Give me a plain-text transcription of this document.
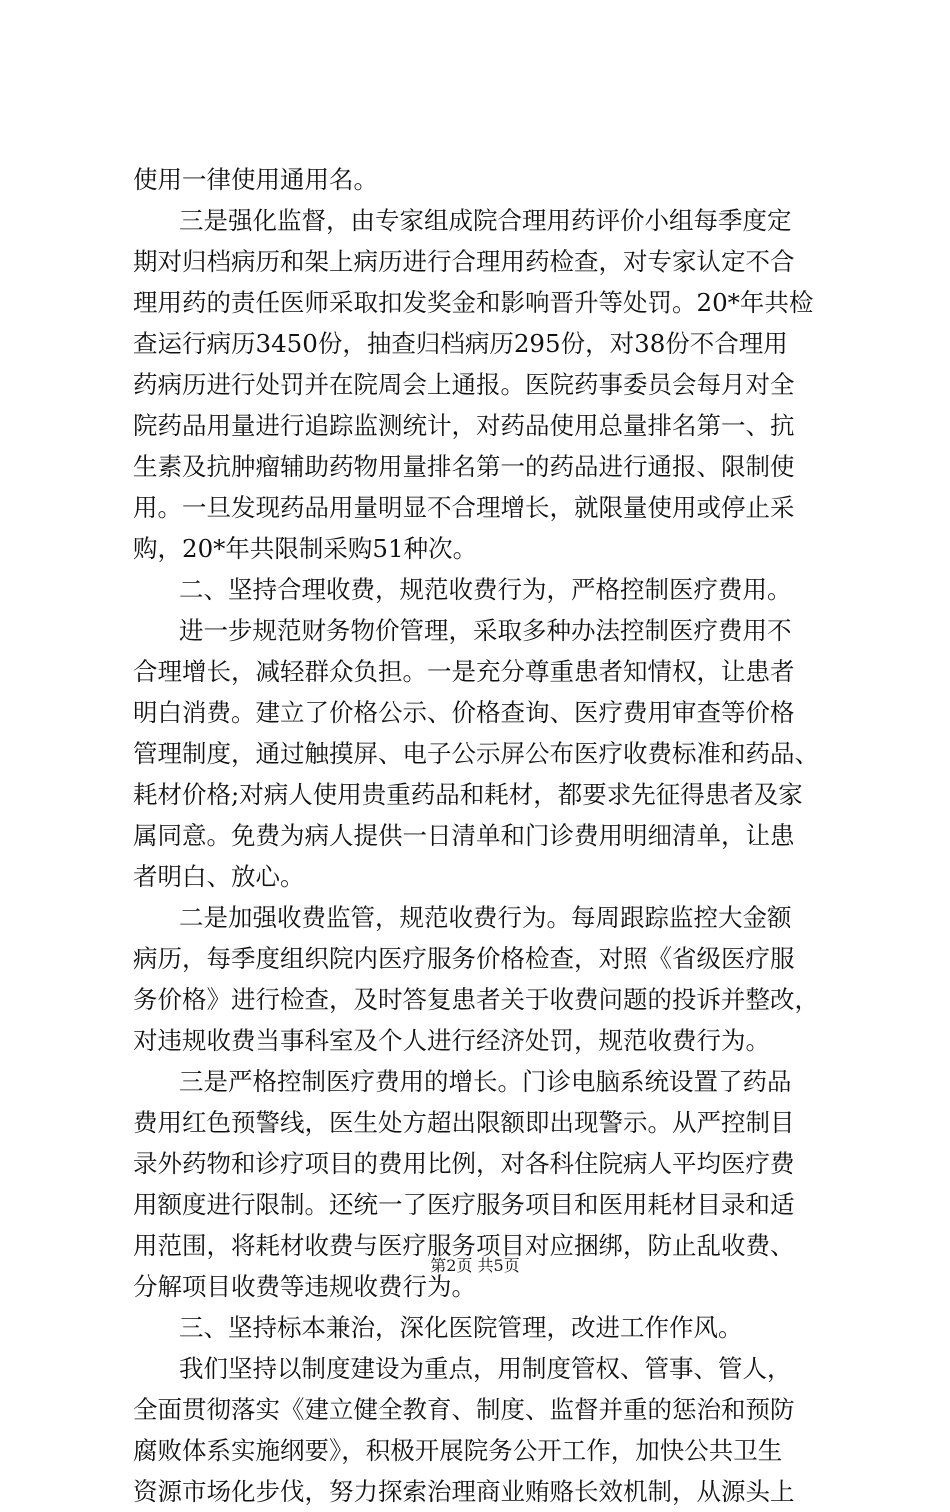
使用一律使用通用名。
三是强化监督，由专家组成院合理用药评价小组每季度定
期对归档病历和架上病历进行合理用药检查，对专家认定不合
理用药的责任医师采取扣发奖金和影响晋升等处罚。20*年共检
查运行病历3450份，抽查归档病历295份，对38份不合理用
药病历进行处罚并在院周会上通报。医院药事委员会每月对全
院药品用量进行追踪监测统计，对药品使用总量排名第一、抗
生素及抗肿瘤辅助药物用量排名第一的药品进行通报、限制使
用。一旦发现药品用量明显不合理增长，就限量使用或停止采
购，20*年共限制采购51种次。
二、坚持合理收费，规范收费行为，严格控制医疗费用。
进一步规范财务物价管理，采取多种办法控制医疗费用不
合理增长，减轻群众负担。一是充分尊重患者知情权，让患者
明白消费。建立了价格公示、价格查询、医疗费用审查等价格
管理制度，通过触摸屏、电子公示屏公布医疗收费标准和药品、
耗材价格;对病人使用贵重药品和耗材，都要求先征得患者及家
属同意。免费为病人提供一日清单和门诊费用明细清单，让患
者明白、放心。
二是加强收费监管，规范收费行为。每周跟踪监控大金额
病历，每季度组织院内医疗服务价格检查，对照《省级医疗服
务价格》进行检查，及时答复患者关于收费问题的投诉并整改，
对违规收费当事科室及个人进行经济处罚，规范收费行为。
三是严格控制医疗费用的增长。门诊电脑系统设置了药品
费用红色预警线，医生处方超出限额即出现警示。从严控制目
录外药物和诊疗项目的费用比例，对各科住院病人平均医疗费
用额度进行限制。还统一了医疗服务项目和医用耗材目录和适
用范围，将耗材收费与医疗服务项目对应捆绑，防止乱收费、
分解项目收费等违规收费行为。
三、坚持标本兼治，深化医院管理，改进工作作风。
我们坚持以制度建设为重点，用制度管权、管事、管人，
全面贯彻落实《建立健全教育、制度、监督并重的惩治和预防
腐败体系实施纲要》，积极开展院务公开工作，加快公共卫生
资源市场化步伐，努力探索治理商业贿赂长效机制，从源头上
第2页 共5页
